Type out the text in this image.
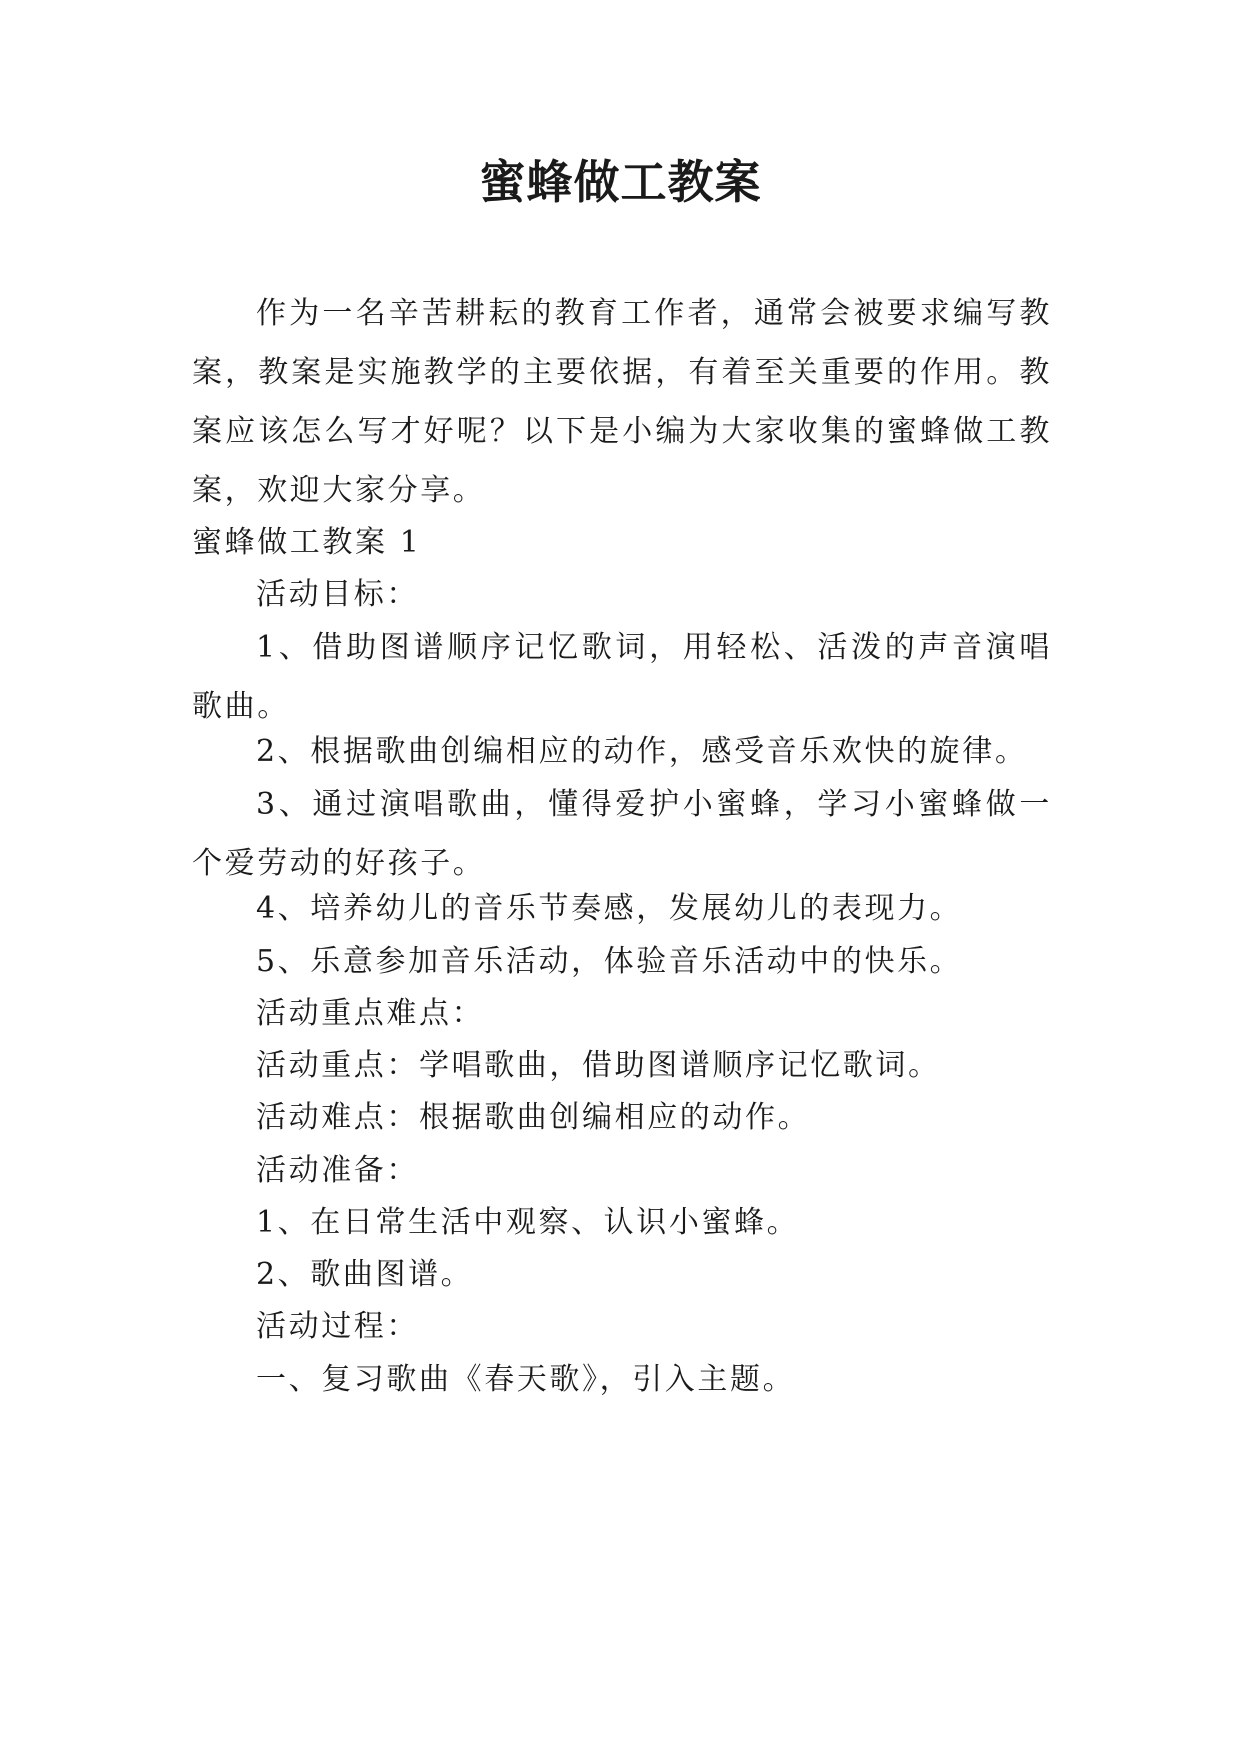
蜜蜂做工教案

作为一名辛苦耕耘的教育工作者，通常会被要求编写教案，教案是实施教学的主要依据，有着至关重要的作用。教案应该怎么写才好呢？以下是小编为大家收集的蜜蜂做工教案，欢迎大家分享。

蜜蜂做工教案 1

活动目标：

1、借助图谱顺序记忆歌词，用轻松、活泼的声音演唱歌曲。

2、根据歌曲创编相应的动作，感受音乐欢快的旋律。

3、通过演唱歌曲，懂得爱护小蜜蜂，学习小蜜蜂做一个爱劳动的好孩子。

4、培养幼儿的音乐节奏感，发展幼儿的表现力。

5、乐意参加音乐活动，体验音乐活动中的快乐。

活动重点难点：

活动重点：学唱歌曲，借助图谱顺序记忆歌词。

活动难点：根据歌曲创编相应的动作。

活动准备：

1、在日常生活中观察、认识小蜜蜂。

2、歌曲图谱。

活动过程：

一、复习歌曲《春天歌》，引入主题。
